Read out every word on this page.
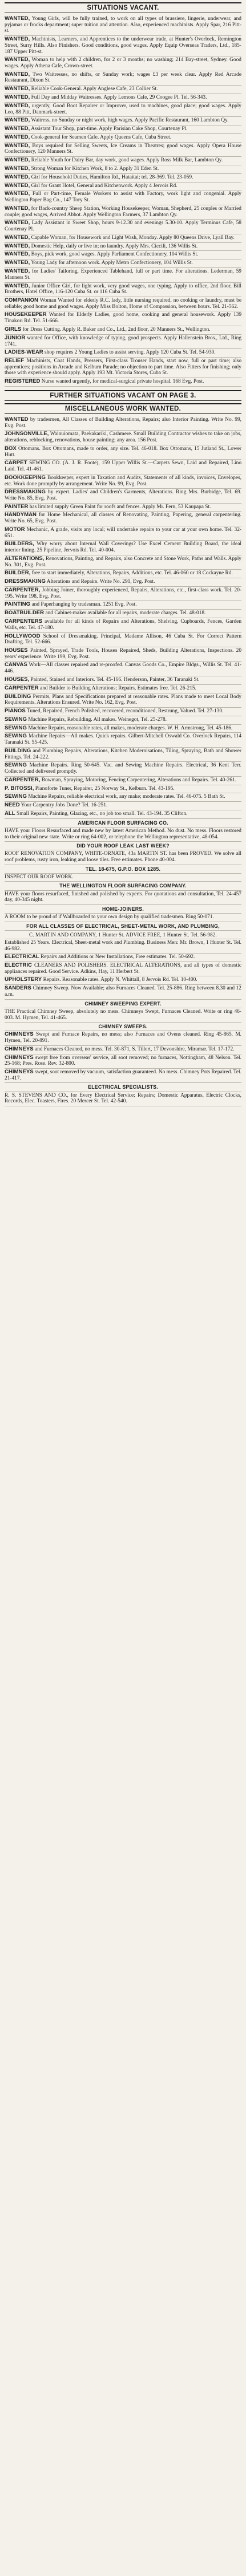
SITUATIONS VACANT.
WANTED, Young Girls, will be fully trained, to work on all types of brassiere, lingerie, underwear, and pyjamas or frocks department; super tuition and attention. Also, experienced machinists. Apply Spar, 216 Pitt-st.
WANTED, Machinists, Learners, and Apprentices to the underwear trade, at Hunter's Overlock, Remington Street, Surry Hills. Also Finishers. Good conditions, good wages. Apply Equip Overseas Traders, Ltd., 185-187 Upper Pitt-st.
WANTED, Woman to help with 2 children, for 2 or 3 months; no washing; 214 Bay-street, Sydney. Good wages. Apply Athena Cafe, Crown-street.
WANTED, Two Waitresses, no shifts, or Sunday work; wages £3 per week clear. Apply Red Arcade Restaurant, Dixon St.
WANTED, Reliable Cook-General. Apply Anglese Cafe, 23 Collier St.
WANTED, Full Day and Midday Waitresses. Apply Lemons Cafe, 29 Coogee Pl. Tel. 56-343.
WANTED, urgently, Good Boot Repairer or Improver, used to machines, good place; good wages. Apply Leo, 88 Pitt, Danmark-street.
WANTED, Waitress, no Sunday or night work, high wages. Apply Pacific Restaurant, 160 Lambton Qy.
WANTED, Assistant Tour Shop, part-time. Apply Parisian Cake Shop, Courtenay Pl.
WANTED, Cook-general for Seamen Cafe. Apply Queens Cafe, Cuba Street.
WANTED, Boys required for Selling Sweets, Ice Creams in Theatres; good wages. Apply Opera House Confectionery, 120 Manners St.
WANTED, Reliable Youth for Dairy Bar, day work, good wages. Apply Ross Milk Bar, Lambton Qy.
WANTED, Strong Woman for Kitchen Work, 8 to 2. Apply 31 Eden St.
WANTED, Girl for Household Duties, Hamilton Rd., Hataitai; tel. 28-369. Tel. 23-059.
WANTED, Girl for Grant Hotel, General and Kitchenwork. Apply 4 Jervois Rd.
WANTED, Full or Part-time, Female Workers to assist with Factory, work light and congenial. Apply Wellington Paper Bag Co., 147 Tory St.
WANTED, for Back-country Sheep Station, Working Housekeeper, Woman, Shepherd, 25 couples or Married couple; good wages, Arrived Abbot. Apply Wellington Farmers, 37 Lambton Qy.
WANTED, Lady Assistant in Sweet Shop, hours 9-12.30 and evenings 5.30-10. Apply Terminus Cafe, 58 Courtenay Pl.
WANTED, Capable Woman, for Housework and Light Wash, Monday. Apply 80 Queens Drive, Lyall Bay.
WANTED, Domestic Help, daily or live in; no laundry. Apply Mrs. Ciccili, 136 Willis St.
WANTED, Boys, pick work, good wages. Apply Parliament Confectionery, 104 Willis St.
WANTED, Young Lady for afternoon work. Apply Metro Confectionery, 104 Willis St.
WANTED, for Ladies' Tailoring, Experienced Tablehand, full or part time. For alterations. Lederman, 59 Manners St.
WANTED, Junior Office Girl, for light work, very good wages, one typing. Apply to office, 2nd floor, Bill Brothers, Hotel Office, 116-120 Cuba St. or 116 Cuba St.
COMPANION Woman Wanted for elderly R.C. lady, little nursing required, no cooking or laundry, must be reliable; good home and good wages. Apply Miss Bolton, Home of Compassion, between hours. Tel. 21-562.
HOUSEKEEPER Wanted for Elderly Ladies, good home, cooking and general housework. Apply 139 Tinakori Rd. Tel. 51-666.
GIRLS for Dress Cutting. Apply R. Baker and Co., Ltd., 2nd floor, 20 Manners St., Wellington.
JUNIOR wanted for Office, with knowledge of typing, good prospects. Apply Hallenstein Bros., Ltd., Ring 1741.
LADIES-WEAR shop requires 2 Young Ladies to assist serving. Apply 120 Cuba St. Tel. 54-930.
RELIEF Machinists, Coat Hands, Pressers, First-class Trouser Hands, start now, full or part time; also apprentices; positions in Arcade and Kelburn Parade; no objection to part time. Also Fitters for finishing; only those with experience should apply. Apply 193 Mt. Victoria Stores, Cuba St.
REGISTERED Nurse wanted urgently, for medical-surgical private hospital. 168 Evg. Post.
FURTHER SITUATIONS VACANT ON PAGE 3.
MISCELLANEOUS WORK WANTED.
WANTED by tradesmen, All Classes of Building Alterations, Repairs; also Interior Painting. Write No. 99, Evg. Post.
JOHNSONVILLE, Wainuiomata, Paekakariki, Cashmere. Small Building Contractor wishes to take on jobs, alterations, reblocking, renovations, house painting; any area. 156 Post.
BOX Ottomans. Box Ottomans, made to order, any size. Tel. 46-018. Box Ottomans, 15 Jutland St., Lower Hutt.
CARPET SEWING CO. (A. J. R. Foote), 159 Upper Willis St.—Carpets Sewn, Laid and Repaired, Lino Laid. Tel. 41-461.
BOOKKEEPING Bookkeeper, expert in Taxation and Audits, Statements of all kinds, invoices, Envelopes, etc. Work done promptly by arrangement. Write No. 99, Evg. Post.
DRESSMAKING by expert. Ladies' and Children's Garments, Alterations. Ring Mrs. Burbidge, Tel. 69. Write No. 85, Evg. Post.
PAINTER has limited supply Green Paint for roofs and fences. Apply Mr. Fern, 53 Kaupapa St.
HANDYMAN for Home Mechanical, all classes of Renovating, Painting, Papering, general carpentering. Write No. 65, Evg. Post.
MOTOR Mechanic, A grade, visits any local; will undertake repairs to your car at your own home. Tel. 32-651.
BUILDERS, Why worry about Internal Wall Coverings? Use Excel Cement Building Board, the ideal interior lining. 25 Pipeline, Jervois Rd. Tel. 40-004.
ALTERATIONS, Renovations, Painting, and Repairs, also Concrete and Stone Work, Paths and Walls. Apply No. 301, Evg. Post.
BUILDER, free to start immediately, Alterations, Repairs, Additions, etc. Tel. 46-060 or 18 Cockayne Rd.
DRESSMAKING Alterations and Repairs. Write No. 291, Evg. Post.
CARPENTER, Jobbing Joiner, thoroughly experienced, Repairs, Alterations, etc., first-class work. Tel. 20-195. Write 198, Evg. Post.
PAINTING and Paperhanging by tradesman. 1251 Evg. Post.
BOATBUILDER and Cabinet-maker available for all repairs, moderate charges. Tel. 48-018.
CARPENTERS available for all kinds of Repairs and Alterations, Shelving, Cupboards, Fences, Garden Walls, etc. Tel. 47-180.
HOLLYWOOD School of Dressmaking. Principal, Madame Allison, 46 Cuba St. For Correct Pattern Drafting. Tel. 52-666.
HOUSES Painted, Sprayed, Trade Tools, Houses Repaired, Sheds, Building Alterations, Inspections. 20 years' experience. Write 199, Evg. Post.
CANVAS Work—All classes repaired and re-proofed. Canvas Goods Co., Empire Bldgs., Willis St. Tel. 41-446.
HOUSES, Painted, Stained and Interiors. Tel. 45-166. Henderson, Painter, 36 Taranaki St.
CARPENTER and Builder to Building Alterations; Repairs, Estimates free. Tel. 26-215.
BUILDING Permits, Plans and Specifications prepared at reasonable rates. Plans made to meet Local Body Requirements. Alterations Ensured. Write No. 162, Evg. Post.
PIANOS Tuned, Repaired, French Polished, recovered, reconditioned, Restrung, Valued. Tel. 27-130.
SEWING Machine Repairs, Rebuilding. All makes. Weinegot, Tel. 25-278.
SEWING Machine Repairs, reasonable rates, all makes, moderate charges. W. H. Armstrong, Tel. 45-186.
SEWING Machine Repairs—All makes. Quick repairs. Gilbert-Mitchell Oswald Co. Overlock Repairs, 114 Taranaki St. 55-425.
BUILDING and Plumbing Repairs, Alterations, Kitchen Modernisations, Tiling, Spraying, Bath and Shower Fittings. Tel. 24-222.
SEWING Machine Repairs. Ring 50-645. Vac. and Sewing Machine Repairs. Electrical, 36 Kent Terr. Collected and delivered promptly.
CARPENTER, Bowman, Spraying, Motoring, Fencing Carpentering, Alterations and Repairs. Tel. 40-261.
P. BITOSSI, Pianoforte Tuner, Repairer, 25 Norway St., Kelburn. Tel. 43-195.
SEWING Machine Repairs, reliable electrical work, any make; moderate rates. Tel. 46-075. 5 Bath St.
NEED Your Carpentry Jobs Done? Tel. 16-251.
ALL Small Repairs, Painting, Glazing, etc., no job too small. Tel. 43-194. 35 Clifton.
AMERICAN FLOOR SURFACING CO.
HAVE your Floors Resurfaced and made new by latest American Method. No dust. No mess. Floors restored to their original new state. Write or ring 64-002, or telephone the Wellington representative, 48-054.
DID YOUR ROOF LEAK LAST WEEK?
ROOF RENOVATION COMPANY, WHITE-ORNATE, 43a MARTIN ST. has been PROVED. We solve all roof problems, rusty iron, leaking and loose tiles. Free estimates. Phone 40-004.
TEL. 18-675, G.P.O. BOX 1285.
INSPECT OUR ROOF WORK.
THE WELLINGTON FLOOR SURFACING COMPANY.
HAVE your floors resurfaced, finished and polished by experts. For quotations and consultation, Tel. 24-457 day, 40-345 night.
HOME-JOINERS.
A ROOM to be proud of if Wallboarded to your own design by qualified tradesmen. Ring 50-071.
FOR ALL CLASSES OF ELECTRICAL, SHEET-METAL WORK, AND PLUMBING,
C. MARTIN AND COMPANY, 1 Hunter St. ADVICE FREE, 1 Hunter St. Tel. 56-982.
Established 25 Years. Electrical, Sheet-metal work and Plumbing. Business Men: Mr. Brown, 1 Hunter St. Tel. 46-982.
ELECTRICAL Repairs and Additions or New Installations, Free estimates. Tel. 50-692.
ELECTRIC CLEANERS AND POLISHERS. ELECTRICAL ALTERATIONS, and all types of domestic appliances repaired. Good Service. Adkins, Hay, 11 Herbert St.
UPHOLSTERY Repairs. Reasonable rates. Apply N. Whittall, 8 Jervois Rd. Tel. 10-400.
SANDERS Chimney Sweep. Now Available; also Furnaces Cleaned. Tel. 25-886. Ring between 8.30 and 12 a.m.
CHIMNEY SWEEPING EXPERT.
THE Practical Chimney Sweep, absolutely no mess. Chimneys Swept, Furnaces Cleaned. Write or ring 46-003. M. Hymen, Tel. 41-465.
CHIMNEY SWEEPS.
CHIMNEYS Swept and Furnace Repairs, no mess; also Furnaces and Ovens cleaned. Ring 45-865. M. Hymen, Tel. 20-891.
CHIMNEYS and Furnaces Cleaned, no mess. Tel. 30-871, S. Tillert, 17 Devonshire, Miramar. Tel. 17-172.
CHIMNEYS swept free from overseas' service, all soot removed; no furnaces, Nottingham, 48 Nelson. Tel. 25-168; Pres. Rose. Rev. 32-800.
CHIMNEYS swept, soot removed by vacuum, satisfaction guaranteed. No mess. Chimney Pots Repaired. Tel. 21-417.
ELECTRICAL SPECIALISTS.
R. S. STEVENS AND CO., for Every Electrical Service; Repairs; Domestic Apparatus, Electric Clocks, Records, Elec. Toasters, Fires. 20 Mercer St. Tel. 42-540.
